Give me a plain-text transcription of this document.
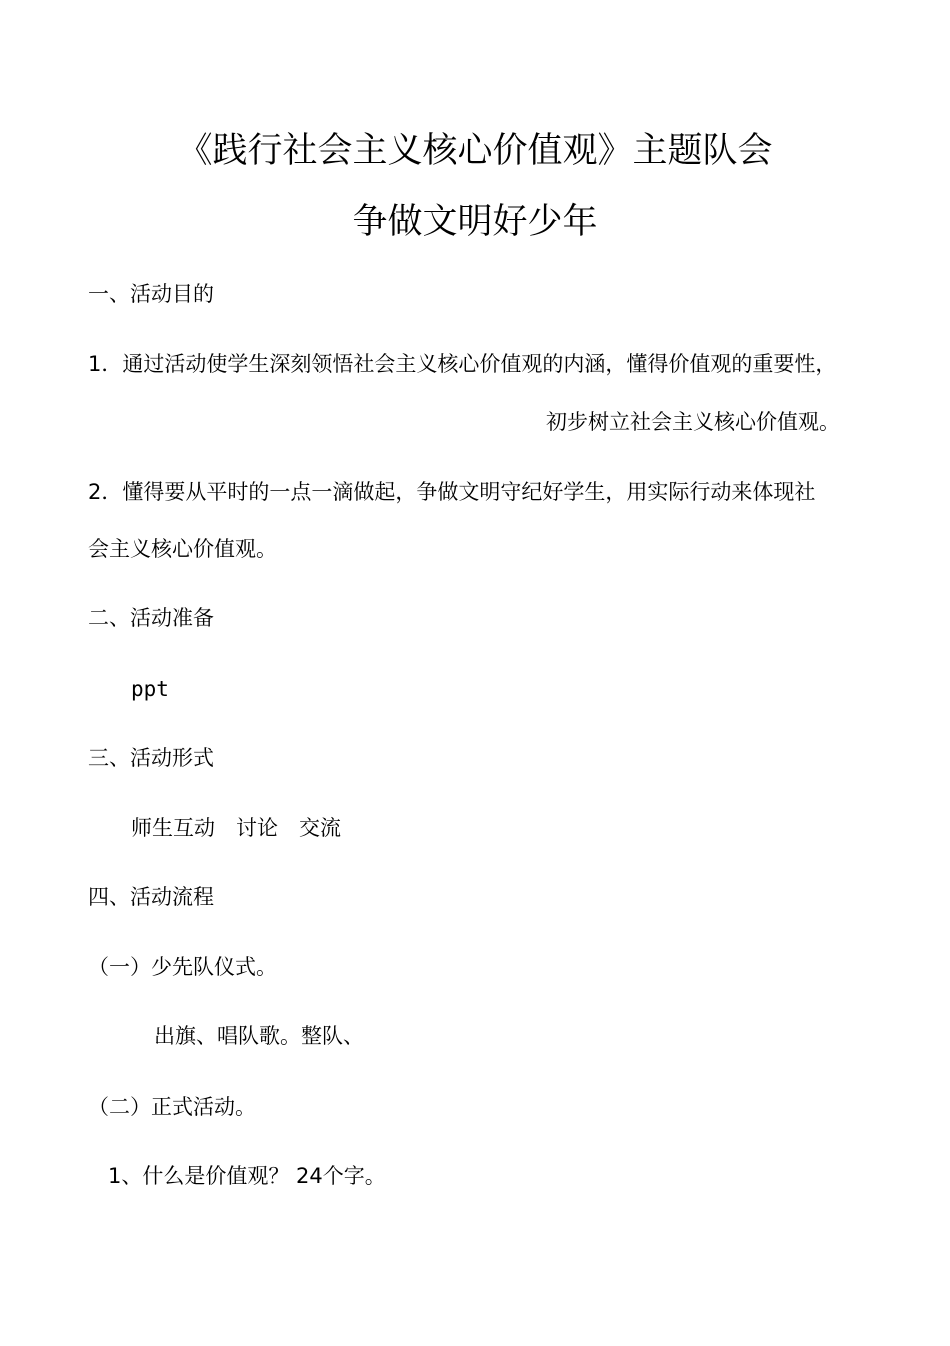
《践行社会主义核心价值观》主题队会
争做文明好少年
一、活动目的
1．通过活动使学生深刻领悟社会主义核心价值观的内涵，懂得价值观的重要性，
初步树立社会主义核心价值观。
2．懂得要从平时的一点一滴做起，争做文明守纪好学生，用实际行动来体现社
会主义核心价值观。
二、活动准备
ppt
三、活动形式
师生互动　讨论　交流
四、活动流程
（一）少先队仪式。
出旗、唱队歌。整队、
（二）正式活动。
1、什么是价值观？ 24个字。
